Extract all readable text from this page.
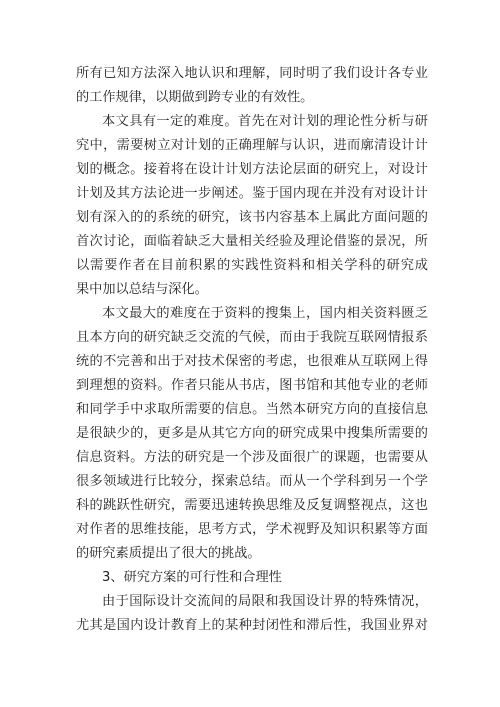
所有已知方法深入地认识和理解，同时明了我们设计各专业
的工作规律，以期做到跨专业的有效性。
本文具有一定的难度。首先在对计划的理论性分析与研
究中，需要树立对计划的正确理解与认识，进而廓清设计计
划的概念。接着将在设计计划方法论层面的研究上，对设计
计划及其方法论进一步阐述。鉴于国内现在并没有对设计计
划有深入的的系统的研究，该书内容基本上属此方面问题的
首次讨论，面临着缺乏大量相关经验及理论借鉴的景况，所
以需要作者在目前积累的实践性资料和相关学科的研究成
果中加以总结与深化。
本文最大的难度在于资料的搜集上，国内相关资料匮乏
且本方向的研究缺乏交流的气候，而由于我院互联网情报系
统的不完善和出于对技术保密的考虑，也很难从互联网上得
到理想的资料。作者只能从书店，图书馆和其他专业的老师
和同学手中求取所需要的信息。当然本研究方向的直接信息
是很缺少的，更多是从其它方向的研究成果中搜集所需要的
信息资料。方法的研究是一个涉及面很广的课题，也需要从
很多领域进行比较分，探索总结。而从一个学科到另一个学
科的跳跃性研究，需要迅速转换思维及反复调整视点，这也
对作者的思维技能，思考方式，学术视野及知识积累等方面
的研究素质提出了很大的挑战。
3、研究方案的可行性和合理性
由于国际设计交流间的局限和我国设计界的特殊情况，
尤其是国内设计教育上的某种封闭性和滞后性，我国业界对
